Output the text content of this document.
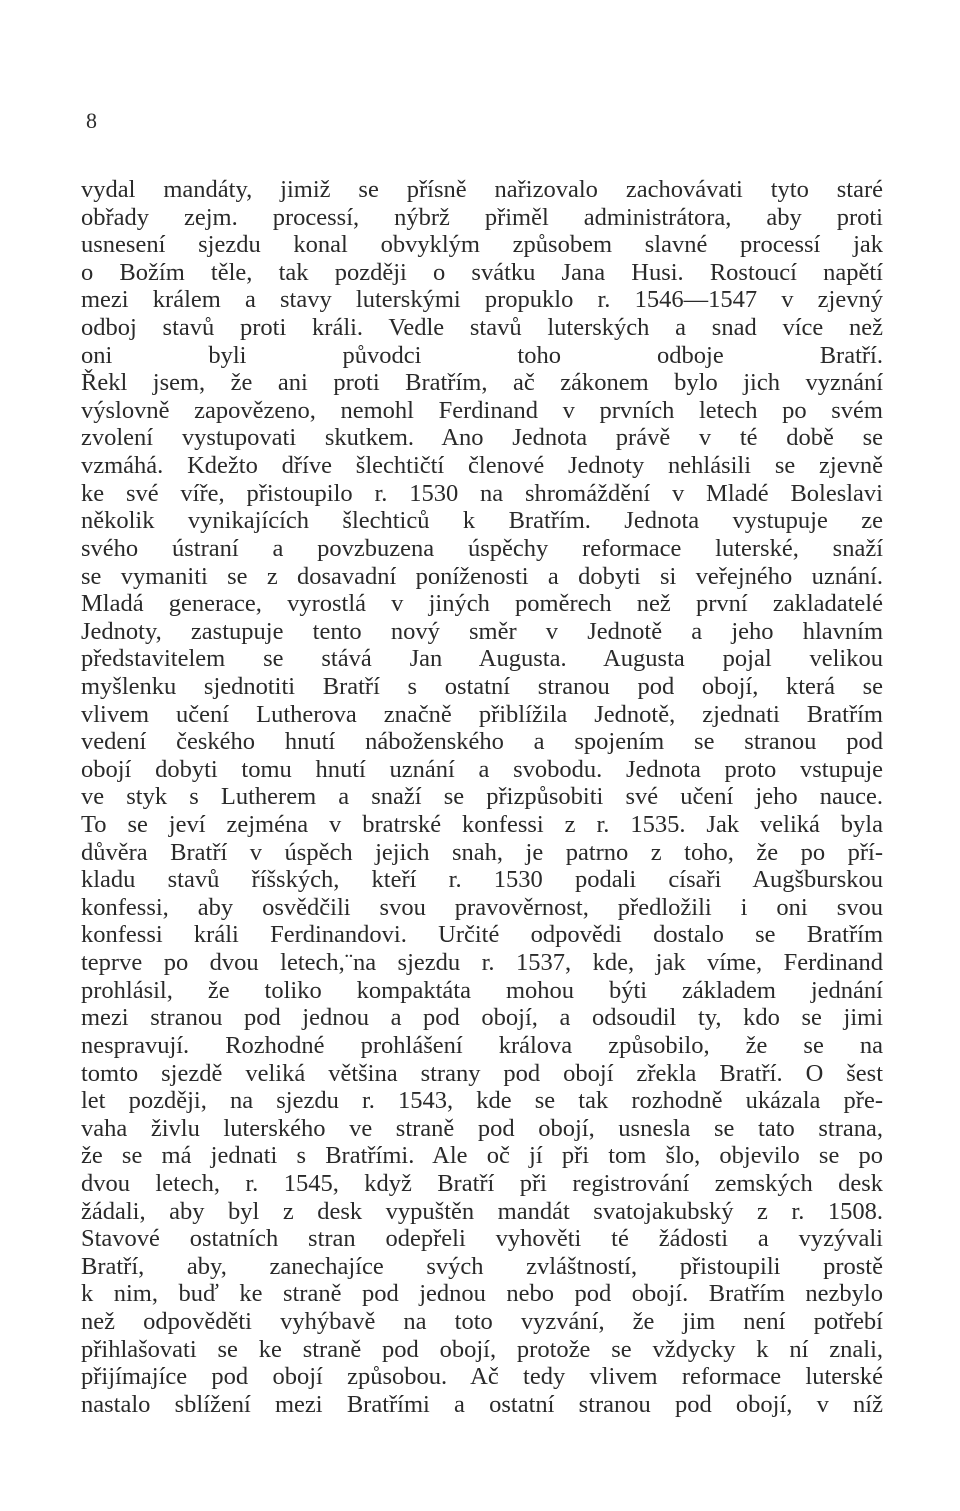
8
vydal mandáty, jimiž se přísně nařizovalo zachovávati tyto staré
obřady zejm. processí, nýbrž přiměl administrátora, aby proti
usnesení sjezdu konal obvyklým způsobem slavné processí jak
o Božím těle, tak později o svátku Jana Husi. Rostoucí napětí
mezi králem a stavy luterskými propuklo r. 1546—1547 v zjevný
odboj stavů proti králi. Vedle stavů luterských a snad více než
oni byli původci toho odboje Bratří.
Řekl jsem, že ani proti Bratřím, ač zákonem bylo jich vyznání
výslovně zapovězeno, nemohl Ferdinand v prvních letech po svém
zvolení vystupovati skutkem. Ano Jednota právě v té době se
vzmáhá. Kdežto dříve šlechtičtí členové Jednoty nehlásili se zjevně
ke své víře, přistoupilo r. 1530 na shromáždění v Mladé Boleslavi
několik vynikajících šlechticů k Bratřím. Jednota vystupuje ze
svého ústraní a povzbuzena úspěchy reformace luterské, snaží
se vymaniti se z dosavadní poníženosti a dobyti si veřejného uznání.
Mladá generace, vyrostlá v jiných poměrech než první zakladatelé
Jednoty, zastupuje tento nový směr v Jednotě a jeho hlavním
představitelem se stává Jan Augusta. Augusta pojal velikou
myšlenku sjednotiti Bratří s ostatní stranou pod obojí, která se
vlivem učení Lutherova značně přiblížila Jednotě, zjednati Bratřím
vedení českého hnutí náboženského a spojením se stranou pod
obojí dobyti tomu hnutí uznání a svobodu. Jednota proto vstupuje
ve styk s Lutherem a snaží se přizpůsobiti své učení jeho nauce.
To se jeví zejména v bratrské konfessi z r. 1535. Jak veliká byla
důvěra Bratří v úspěch jejich snah, je patrno z toho, že po pří-
kladu stavů říšských, kteří r. 1530 podali císaři Augšburskou
konfessi, aby osvědčili svou pravověrnost, předložili i oni svou
konfessi králi Ferdinandovi. Určité odpovědi dostalo se Bratřím
teprve po dvou letech,¨na sjezdu r. 1537, kde, jak víme, Ferdinand
prohlásil, že toliko kompaktáta mohou býti základem jednání
mezi stranou pod jednou a pod obojí, a odsoudil ty, kdo se jimi
nespravují. Rozhodné prohlášení králova způsobilo, že se na
tomto sjezdě veliká většina strany pod obojí zřekla Bratří. O šest
let později, na sjezdu r. 1543, kde se tak rozhodně ukázala pře-
vaha živlu luterského ve straně pod obojí, usnesla se tato strana,
že se má jednati s Bratřími. Ale oč jí při tom šlo, objevilo se po
dvou letech, r. 1545, když Bratří při registrování zemských desk
žádali, aby byl z desk vypuštěn mandát svatojakubský z r. 1508.
Stavové ostatních stran odepřeli vyhověti té žádosti a vyzývali
Bratří, aby, zanechajíce svých zvláštností, přistoupili prostě
k nim, buď ke straně pod jednou nebo pod obojí. Bratřím nezbylo
než odpověděti vyhýbavě na toto vyzvání, že jim není potřebí
přihlašovati se ke straně pod obojí, protože se vždycky k ní znali,
přijímajíce pod obojí způsobou. Ač tedy vlivem reformace luterské
nastalo sblížení mezi Bratřími a ostatní stranou pod obojí, v níž
